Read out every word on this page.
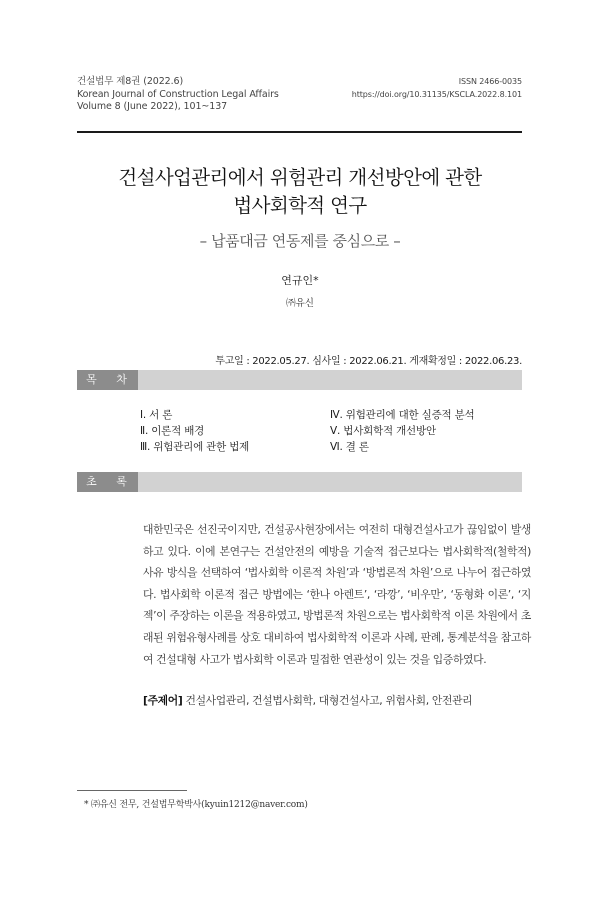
건설법무 제8권 (2022.6)
Korean Journal of Construction Legal Affairs
Volume 8 (June 2022), 101~137
ISSN 2466-0035
https://doi.org/10.31135/KSCLA.2022.8.101
건설사업관리에서 위험관리 개선방안에 관한
법사회학적 연구
– 납품대금 연동제를 중심으로 –
연규인*
㈜유신
투고일 : 2022.05.27. 심사일 : 2022.06.21. 게재확정일 : 2022.06.23.
목 차
Ⅰ. 서 론
Ⅱ. 이론적 배경
Ⅲ. 위험관리에 관한 법제
Ⅳ. 위험관리에 대한 실증적 분석
Ⅴ. 법사회학적 개선방안
Ⅵ. 결 론
초 록
대한민국은 선진국이지만, 건설공사현장에서는 여전히 대형건설사고가 끊임없이 발생하고 있다. 이에 본연구는 건설안전의 예방을 기술적 접근보다는 법사회학적(철학적) 사유 방식을 선택하여 ‘법사회학 이론적 차원’과 ‘방법론적 차원’으로 나누어 접근하였다. 법사회학 이론적 접근 방법에는 ‘한나 아렌트’, ‘라깡’, ‘비우만’, ‘동형화 이론’, ‘지젝’이 주장하는 이론을 적용하였고, 방법론적 차원으로는 법사회학적 이론 차원에서 초래된 위험유형사례를 상호 대비하여 법사회학적 이론과 사례, 판례, 통계분석을 참고하여 건설대형 사고가 법사회학 이론과 밀접한 연관성이 있는 것을 입증하였다.
[주제어] 건설사업관리, 건설법사회학, 대형건설사고, 위험사회, 안전관리
* ㈜유신 전무, 건설법무학박사(kyuin1212@naver.com)
